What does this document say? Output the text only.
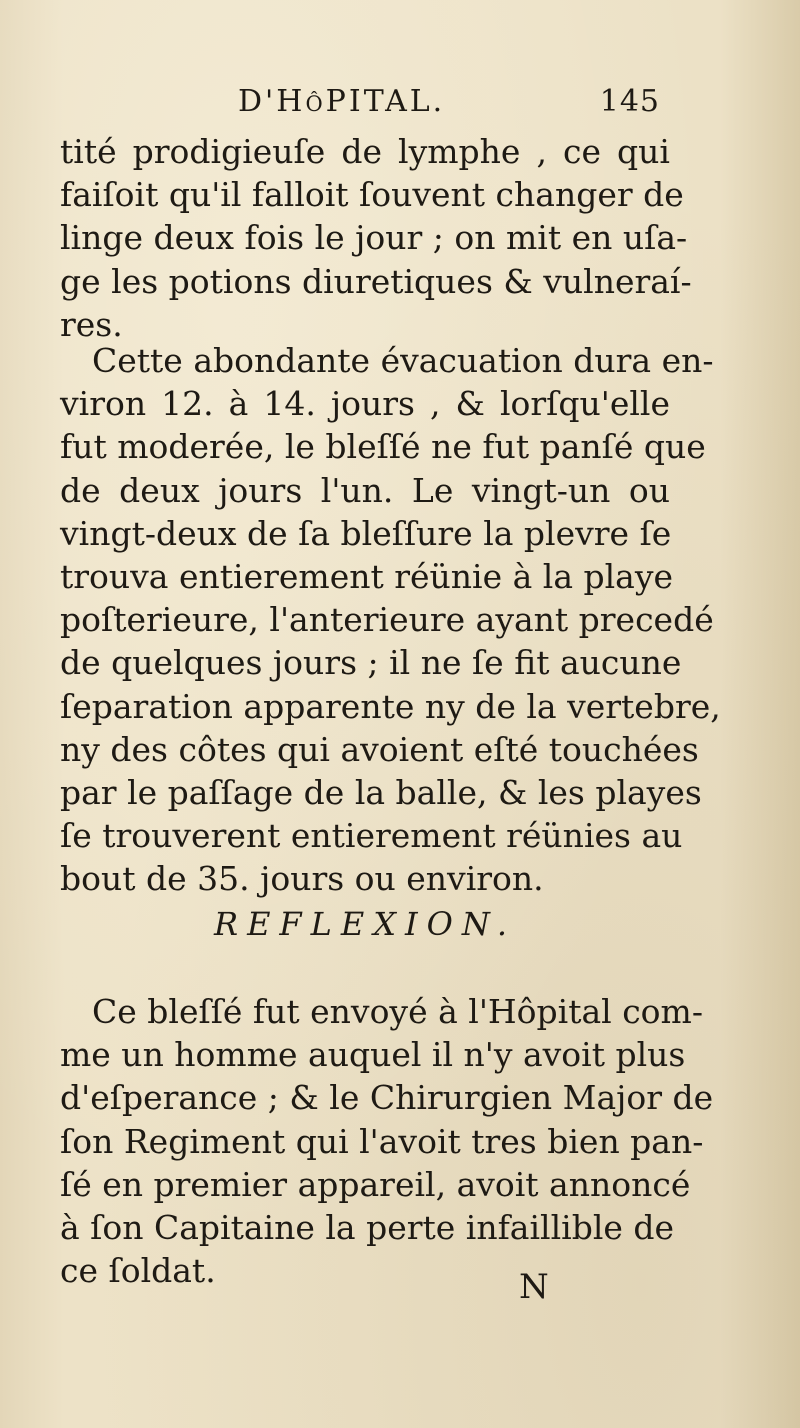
D'HôPITAL.	145
tité prodigieuſe de lymphe , ce qui
faiſoit qu'il falloit ſouvent changer de
linge deux fois le jour ; on mit en uſa-
ge les potions diuretiques & vulneraí-
res.
Cette abondante évacuation dura en-
viron 12. à 14. jours , & lorſqu'elle
fut moderée, le bleſſé ne fut panſé que
de deux jours l'un. Le vingt-un ou
vingt-deux de ſa bleſſure la plevre ſe
trouva entierement réünie à la playe
poſterieure, l'anterieure ayant precedé
de quelques jours ; il ne ſe fit aucune
ſeparation apparente ny de la vertebre,
ny des côtes qui avoient eſté touchées
par le paſſage de la balle, & les playes
ſe trouverent entierement réünies au
bout de 35. jours ou environ.
REFLEXION.
Ce bleſſé fut envoyé à l'Hôpital com-
me un homme auquel il n'y avoit plus
d'eſperance ; & le Chirurgien Major de
ſon Regiment qui l'avoit tres bien pan-
ſé en premier appareil, avoit annoncé
à ſon Capitaine la perte infaillible de
ce ſoldat.	N
